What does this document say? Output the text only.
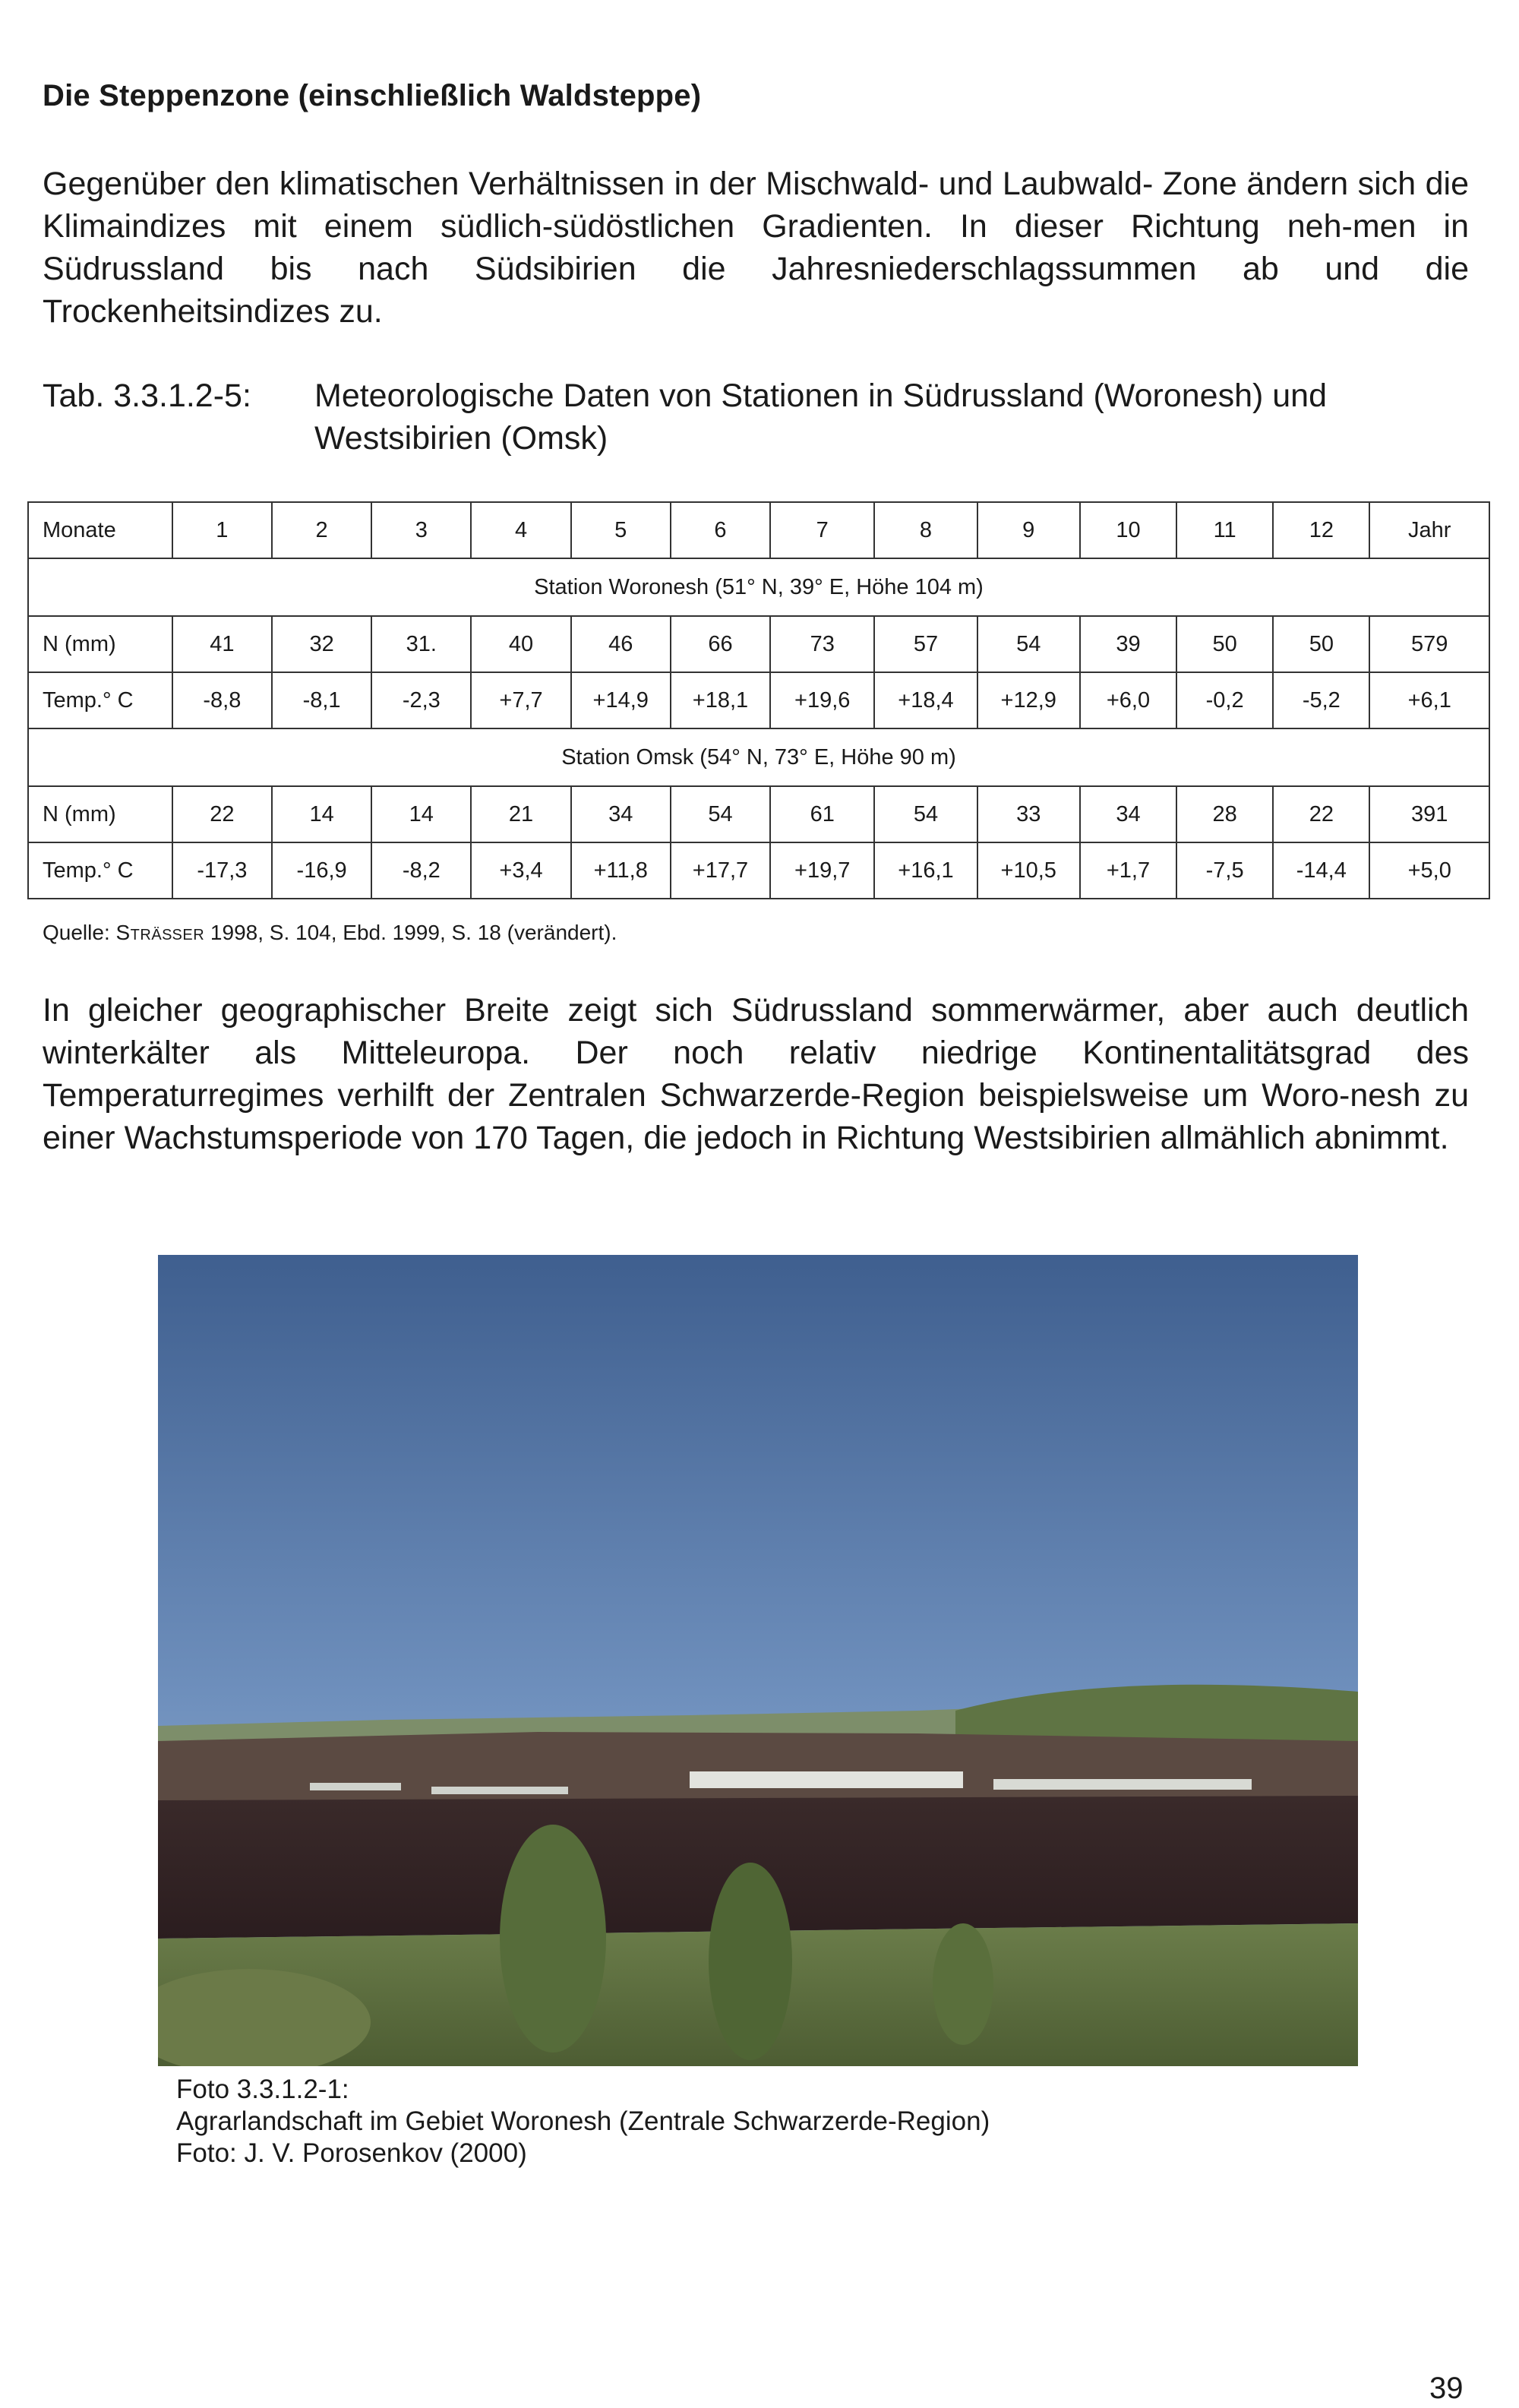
Die Steppenzone (einschließlich Waldsteppe)
Gegenüber den klimatischen Verhältnissen in der Mischwald- und Laubwald- Zone ändern sich die Klimaindizes mit einem südlich-südöstlichen Gradienten. In dieser Richtung neh-men in Südrussland bis nach Südsibirien die Jahresniederschlagssummen ab und die Trockenheitsindizes zu.
Tab. 3.3.1.2-5: Meteorologische Daten von Stationen in Südrussland (Woronesh) und Westsibirien (Omsk)
Monate	1	2	3	4	5	6	7	8	9	10	11	12	Jahr
Station Woronesh (51° N, 39° E, Höhe 104 m)													
N (mm)	41	32	31.	40	46	66	73	57	54	39	50	50	579
Temp.° C	-8,8	-8,1	-2,3	+7,7	+14,9	+18,1	+19,6	+18,4	+12,9	+6,0	-0,2	-5,2	+6,1
Station Omsk (54° N, 73° E, Höhe 90 m)													
N (mm)	22	14	14	21	34	54	61	54	33	34	28	22	391
Temp.° C	-17,3	-16,9	-8,2	+3,4	+11,8	+17,7	+19,7	+16,1	+10,5	+1,7	-7,5	-14,4	+5,0
Quelle: Sträßer 1998, S. 104, Ebd. 1999, S. 18 (verändert).
In gleicher geographischer Breite zeigt sich Südrussland sommerwärmer, aber auch deutlich winterkälter als Mitteleuropa. Der noch relativ niedrige Kontinentalitätsgrad des Temperaturregimes verhilft der Zentralen Schwarzerde-Region beispielsweise um Woro-nesh zu einer Wachstumsperiode von 170 Tagen, die jedoch in Richtung Westsibirien allmählich abnimmt.
Foto 3.3.1.2-1:
Agrarlandschaft im Gebiet Woronesh (Zentrale Schwarzerde-Region)
Foto: J. V. Porosenkov (2000)
39
